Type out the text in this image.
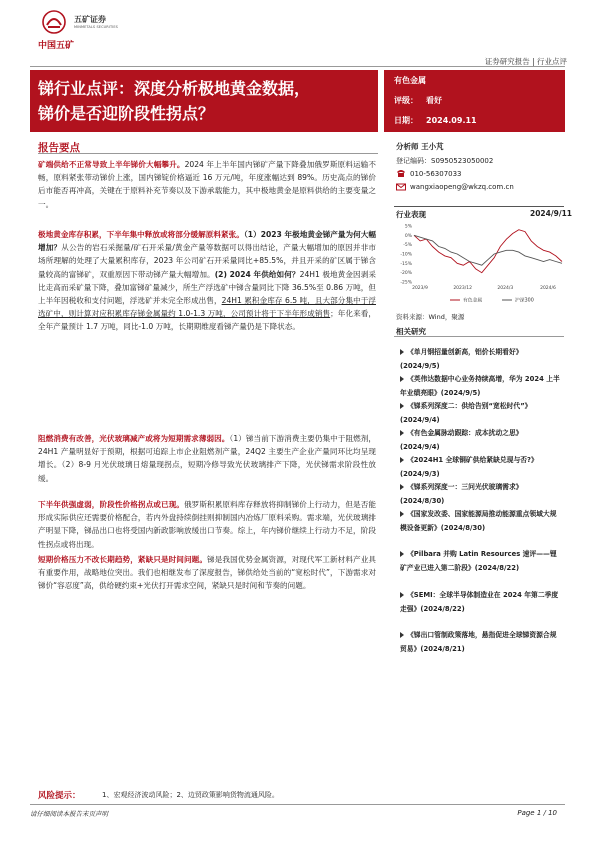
五矿证券
MINMETALS SECURITIES
中国五矿
证券研究报告 | 行业点评
锑行业点评：深度分析极地黄金数据，
锑价是否迎阶段性拐点？
有色金属
评级： 看好
日期： 2024.09.11
报告要点
矿端供给不正常导致上半年锑价大幅攀升。2024 年上半年国内锑矿产量下降叠加俄罗斯原料运输不畅，原料紧张带动锑价上涨，国内锑锭价格逼近 16 万元/吨，年度涨幅达到 89%。历史高点的锑价后市能否再冲高，关键在于原料补充节奏以及下游承载能力，其中极地黄金是原料供给的主要变量之一。
极地黄金库存积累，下半年集中释放或将部分缓解原料紧张。（1）2023 年极地黄金锑产量为何大幅增加？从公告的岩石采掘量/矿石开采量/黄金产量等数据可以得出结论，产量大幅增加的原因并非市场所理解的处理了大量累积库存，2023 年公司矿石开采量同比+85.5%，并且开采的矿区属于锑含量较高的富锑矿，双重原因下带动锑产量大幅增加。(2) 2024 年供给如何？24H1 极地黄金因剥采比走高而采矿量下降，叠加富锑矿量减少，所生产浮选矿中锑含量同比下降 36.5%至 0.86 万吨，但上半年因税收和支付问题，浮选矿并未完全形成出售，24H1 累积金库存 6.5 吨，且大部分集中于浮选矿中，则计算对应积累库存锑金属量约 1.0-1.3 万吨，公司预计将于下半年形成销售；年化来看，全年产量预计 1.7 万吨，同比-1.0 万吨，长期期维度看锑产量仍是下降状态。
阻燃消费有改善，光伏玻璃减产或将为短期需求薄弱因。（1）锑当前下游消费主要仍集中于阻燃剂，24H1 产量明显好于预期，根据可追踪上市企业阻燃剂产量，24Q2 主要生产企业产量同环比均呈现增长。（2）8-9 月光伏玻璃日熔量现拐点，短期冷修导致光伏玻璃排产下降，光伏锑需求阶段性放缓。
下半年供强虚弱，阶段性价格拐点或已现。俄罗斯积累原料库存释放将抑制锑价上行动力，但是否能形成实际供应还需要价格配合，若内外盘持续倒挂则抑制国内冶炼厂原料采购。需求端，光伏玻璃排产明显下降，锑品出口也将受国内新政影响放缓出口节奏。综上，年内锑价继续上行动力不足，阶段性拐点或将出现。
短期价格压力不改长期趋势，紧缺只是时间问题。锑是我国优势金属资源，对现代军工新材料产业具有重要作用，战略地位突出。我们也相继发布了深度报告，锑供给处当前的“宽松时代”，下游需求对锑价“容忍度”高，供给硬约束+光伏打开需求空间，紧缺只是时间和节奏的问题。
分析师 王小芃
登记编码：S0950523050002
010-56307033
wangxiaopeng@wkzq.com.cn
行业表现	2024/9/11
5%
0%
-5%
-10%
-15%
-20%
-25%
2023/9	2023/12	2024/3	2024/6
有色金属	沪深300
资料来源：Wind，聚源
相关研究
《单月钢招量创新高，铝价长期看好》(2024/9/5)
《英伟达数据中心业务持续高增，华为 2024 上半年业绩亮眼》(2024/9/5)
《锑系列深度二：供给告别“宽松时代”》(2024/9/4)
《有色金属脉动跟踪：成本扰动之思》(2024/9/4)
《2024H1 全球铜矿供给紧缺兑现与否?》(2024/9/3)
《锑系列深度一：三问光伏玻璃需求》(2024/8/30)
《国家发改委、国家能源局推动能源重点领域大规模设备更新》(2024/8/30)
《Pilbara 并购 Latin Resources 速评——锂矿产业已进入第二阶段》(2024/8/22)
《SEMI：全球半导体制造业在 2024 年第二季度走强》(2024/8/22)
《锑出口管制政策落地，悬指促进全球锑资源合规贸易》(2024/8/21)
风险提示：	1、宏观经济波动风险；2、边贸政策影响货物流通风险。
请仔细阅读本报告末页声明	Page 1 / 10
